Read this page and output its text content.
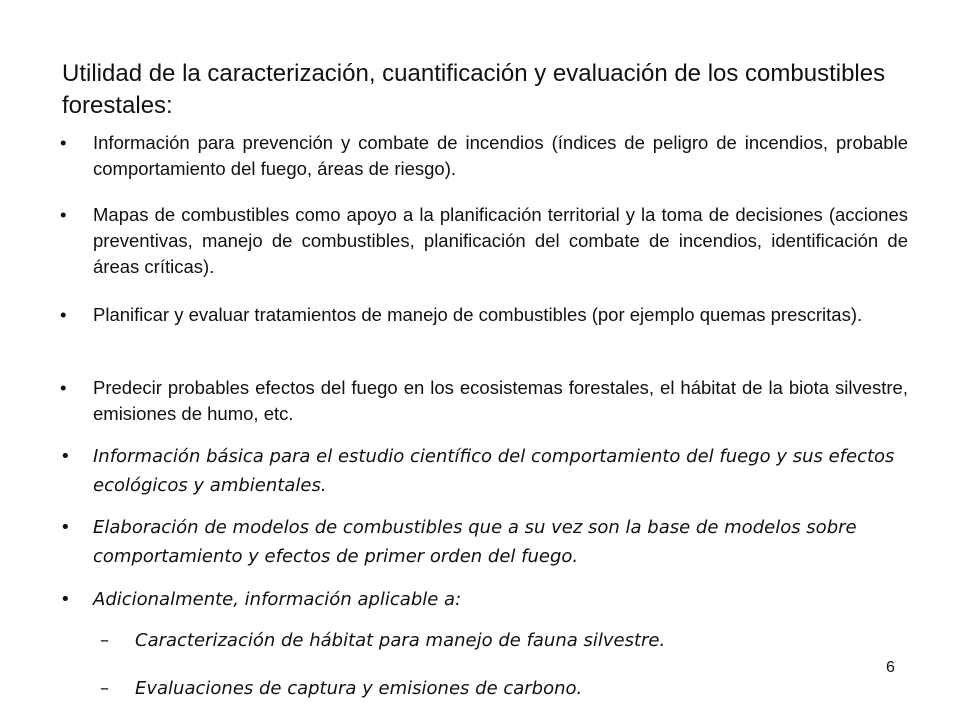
Utilidad de la caracterización, cuantificación y evaluación de los combustibles forestales:
•	Información para prevención y combate de incendios (índices de peligro de incendios, probable comportamiento del fuego, áreas de riesgo).
•	Mapas de combustibles como apoyo a la planificación territorial y la toma de decisiones (acciones preventivas, manejo de combustibles, planificación del combate de incendios, identificación de áreas críticas).
•	Planificar y evaluar tratamientos de manejo de combustibles (por ejemplo quemas prescritas).
•	Predecir probables efectos del fuego en los ecosistemas forestales, el hábitat de la biota silvestre, emisiones de humo, etc.
•	Información básica para el estudio científico del comportamiento del fuego y sus efectos ecológicos y ambientales.
•	Elaboración de modelos de combustibles que a su vez son la base de modelos sobre comportamiento y efectos de primer orden del fuego.
•	Adicionalmente, información aplicable a:
– Caracterización de hábitat para manejo de fauna silvestre.
– Evaluaciones de captura y emisiones de carbono.
6
